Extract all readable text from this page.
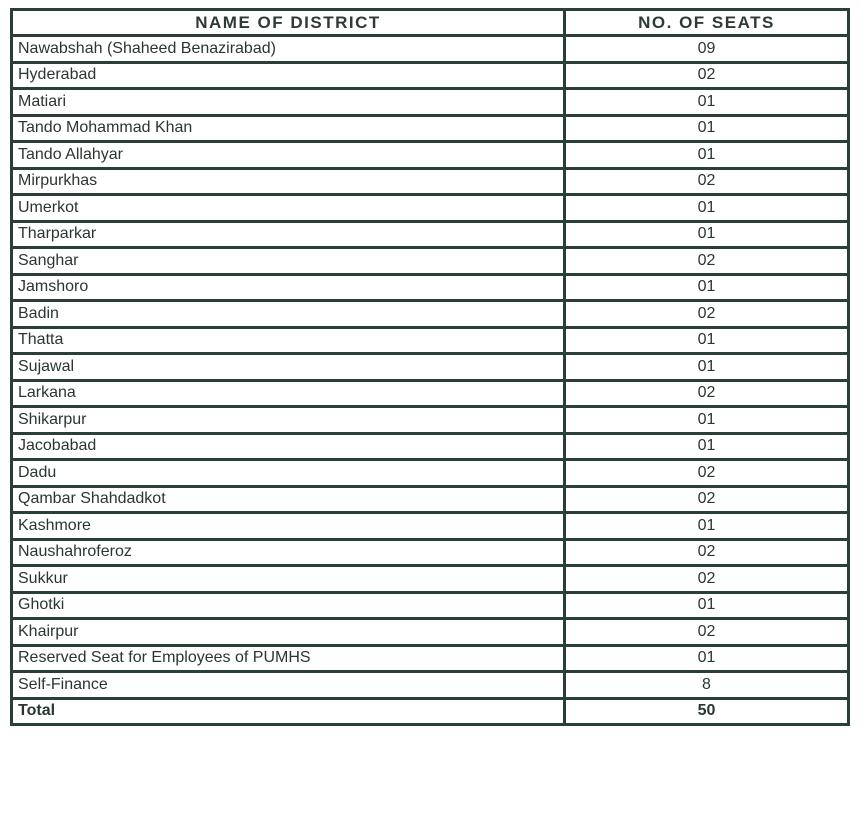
NAME OF DISTRICT	NO. OF SEATS
Nawabshah (Shaheed Benazirabad)	09
Hyderabad	02
Matiari	01
Tando Mohammad Khan	01
Tando Allahyar	01
Mirpurkhas	02
Umerkot	01
Tharparkar	01
Sanghar	02
Jamshoro	01
Badin	02
Thatta	01
Sujawal	01
Larkana	02
Shikarpur	01
Jacobabad	01
Dadu	02
Qambar Shahdadkot	02
Kashmore	01
Naushahroferoz	02
Sukkur	02
Ghotki	01
Khairpur	02
Reserved Seat for Employees of PUMHS	01
Self-Finance	8
Total	50
